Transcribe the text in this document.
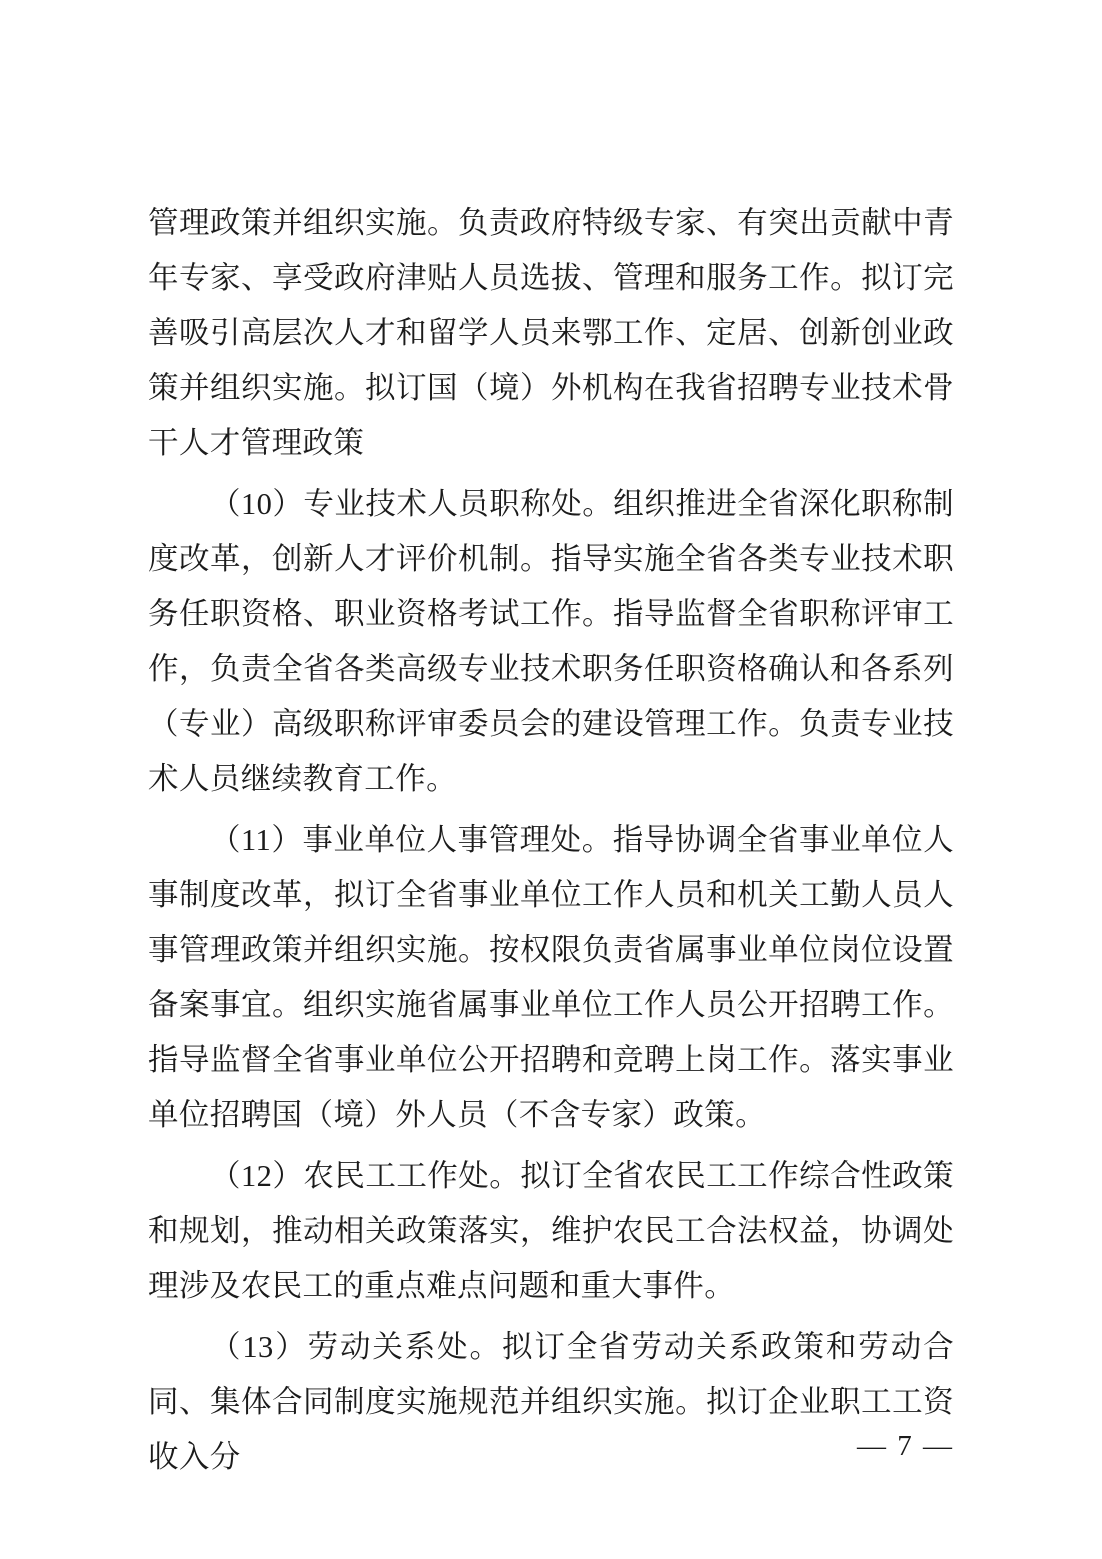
管理政策并组织实施。负责政府特级专家、有突出贡献中青年专家、享受政府津贴人员选拔、管理和服务工作。拟订完善吸引高层次人才和留学人员来鄂工作、定居、创新创业政策并组织实施。拟订国（境）外机构在我省招聘专业技术骨干人才管理政策

（10）专业技术人员职称处。组织推进全省深化职称制度改革，创新人才评价机制。指导实施全省各类专业技术职务任职资格、职业资格考试工作。指导监督全省职称评审工作，负责全省各类高级专业技术职务任职资格确认和各系列（专业）高级职称评审委员会的建设管理工作。负责专业技术人员继续教育工作。

（11）事业单位人事管理处。指导协调全省事业单位人事制度改革，拟订全省事业单位工作人员和机关工勤人员人事管理政策并组织实施。按权限负责省属事业单位岗位设置备案事宜。组织实施省属事业单位工作人员公开招聘工作。指导监督全省事业单位公开招聘和竞聘上岗工作。落实事业单位招聘国（境）外人员（不含专家）政策。

（12）农民工工作处。拟订全省农民工工作综合性政策和规划，推动相关政策落实，维护农民工合法权益，协调处理涉及农民工的重点难点问题和重大事件。

（13）劳动关系处。拟订全省劳动关系政策和劳动合同、集体合同制度实施规范并组织实施。拟订企业职工工资收入分	— 7 —
